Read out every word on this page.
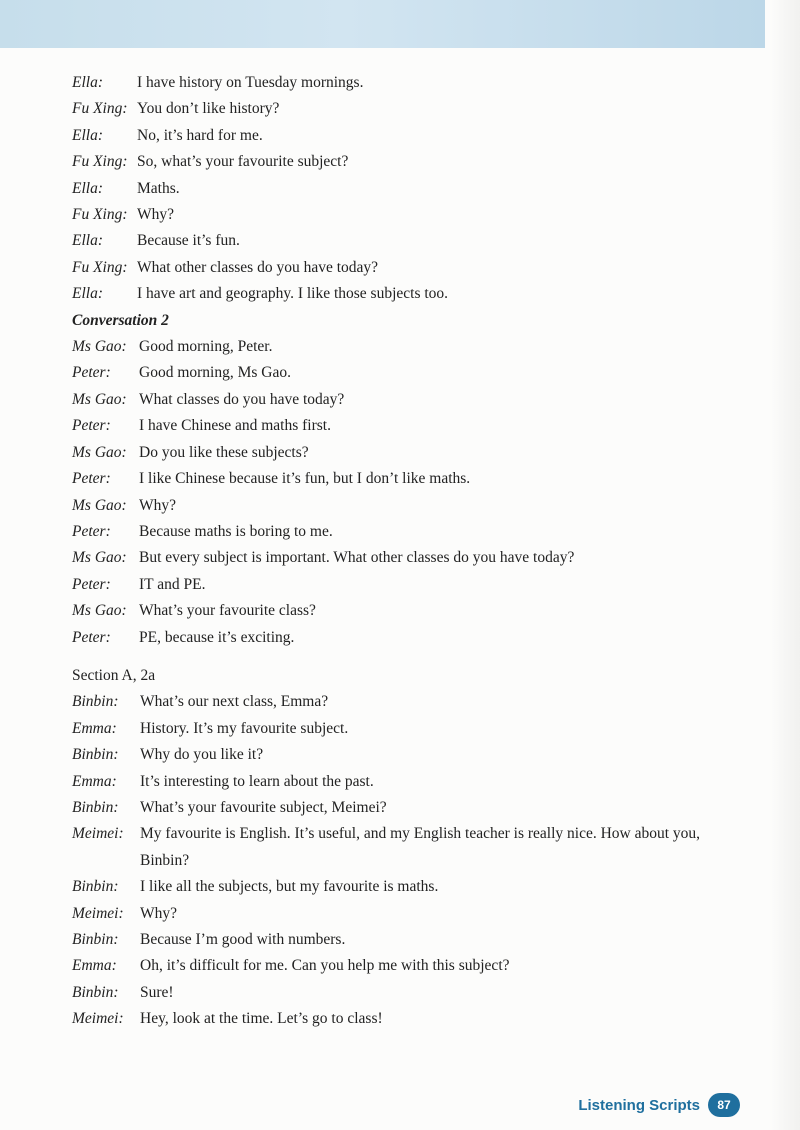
Ella:	I have history on Tuesday mornings.
Fu Xing: You don’t like history?
Ella:	No, it’s hard for me.
Fu Xing: So, what’s your favourite subject?
Ella:	Maths.
Fu Xing: Why?
Ella:	Because it’s fun.
Fu Xing: What other classes do you have today?
Ella:	I have art and geography. I like those subjects too.
Conversation 2
Ms Gao: Good morning, Peter.
Peter:	Good morning, Ms Gao.
Ms Gao: What classes do you have today?
Peter:	I have Chinese and maths first.
Ms Gao: Do you like these subjects?
Peter:	I like Chinese because it’s fun, but I don’t like maths.
Ms Gao: Why?
Peter:	Because maths is boring to me.
Ms Gao: But every subject is important. What other classes do you have today?
Peter:	IT and PE.
Ms Gao: What’s your favourite class?
Peter:	PE, because it’s exciting.
Section A, 2a
Binbin:	What’s our next class, Emma?
Emma:	History. It’s my favourite subject.
Binbin:	Why do you like it?
Emma:	It’s interesting to learn about the past.
Binbin:	What’s your favourite subject, Meimei?
Meimei:	My favourite is English. It’s useful, and my English teacher is really nice. How about you, Binbin?
Binbin:	I like all the subjects, but my favourite is maths.
Meimei:	Why?
Binbin:	Because I’m good with numbers.
Emma:	Oh, it’s difficult for me. Can you help me with this subject?
Binbin:	Sure!
Meimei:	Hey, look at the time. Let’s go to class!
Listening Scripts	87
